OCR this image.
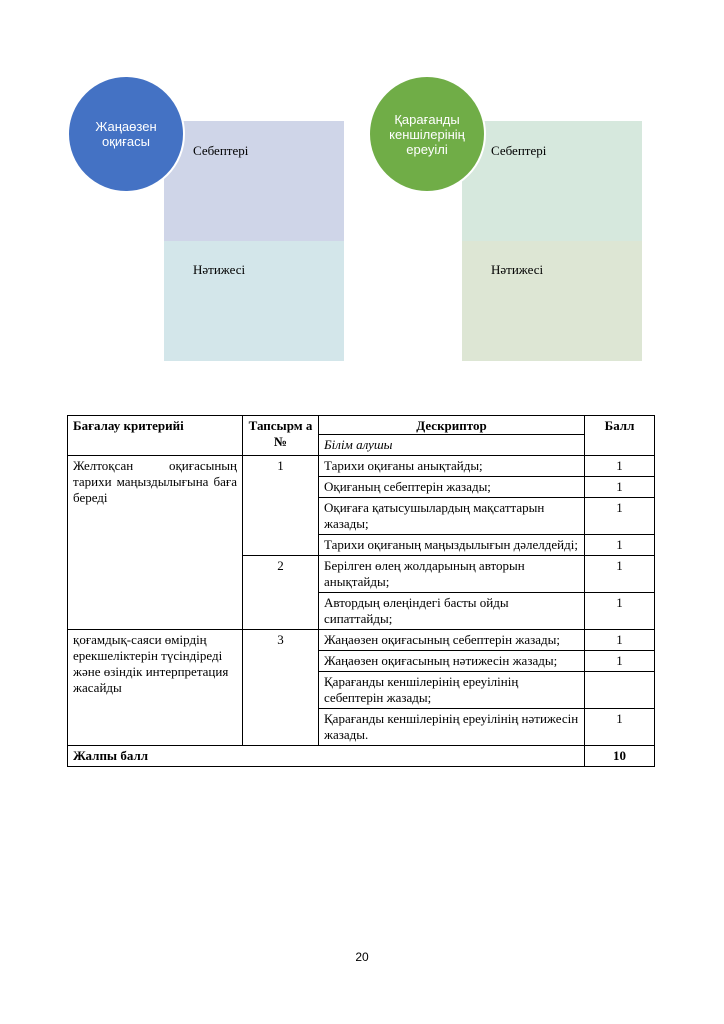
Себептері
Нәтижесі
Жаңаөзен оқиғасы
Себептері
Нәтижесі
Қарағанды кеншілерінің ереуілі
Бағалау критерийі	Тапсырм а №	Дескриптор	Балл
		Білім алушы	
Желтоқсан оқиғасының тарихи маңыздылығына баға береді	1	Тарихи оқиғаны анықтайды;	1
		Оқиғаның себептерін жазады;	1
		Оқиғаға қатысушылардың мақсаттарын жазады;	1
		Тарихи оқиғаның маңыздылығын дәлелдейді;	1
	2	Берілген өлең жолдарының авторын анықтайды;	1
		Автордың өлеңіндегі басты ойды сипаттайды;	1
қоғамдық-саяси өмірдің ерекшеліктерін түсіндіреді және өзіндік интерпретация жасайды	3	Жаңаөзен оқиғасының себептерін жазады;	1
		Жаңаөзен оқиғасының нәтижесін жазады;	1
		Қарағанды кеншілерінің ереуілінің себептерін жазады;	
		Қарағанды кеншілерінің ереуілінің нәтижесін жазады.	1
Жалпы балл			10
20
